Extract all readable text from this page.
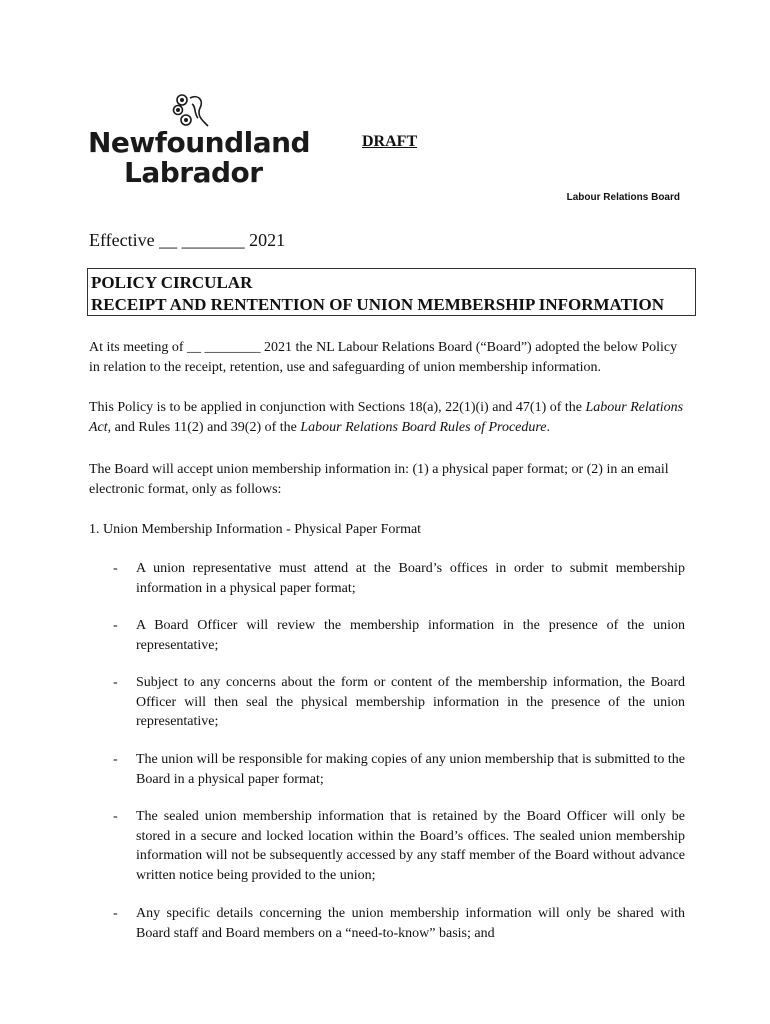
Newfoundland
Labrador
DRAFT
Labour Relations Board
Effective __ _______ 2021
POLICY CIRCULAR
RECEIPT AND RENTENTION OF UNION MEMBERSHIP INFORMATION
At its meeting of __ ________ 2021 the NL Labour Relations Board (“Board”) adopted the below Policy in relation to the receipt, retention, use and safeguarding of union membership information.
This Policy is to be applied in conjunction with Sections 18(a), 22(1)(i) and 47(1) of the Labour Relations Act, and Rules 11(2) and 39(2) of the Labour Relations Board Rules of Procedure.
The Board will accept union membership information in: (1) a physical paper format; or (2) in an email electronic format, only as follows:
1. Union Membership Information - Physical Paper Format
- A union representative must attend at the Board’s offices in order to submit membership information in a physical paper format;
- A Board Officer will review the membership information in the presence of the union representative;
- Subject to any concerns about the form or content of the membership information, the Board Officer will then seal the physical membership information in the presence of the union representative;
- The union will be responsible for making copies of any union membership that is submitted to the Board in a physical paper format;
- The sealed union membership information that is retained by the Board Officer will only be stored in a secure and locked location within the Board’s offices. The sealed union membership information will not be subsequently accessed by any staff member of the Board without advance written notice being provided to the union;
- Any specific details concerning the union membership information will only be shared with Board staff and Board members on a “need-to-know” basis; and
